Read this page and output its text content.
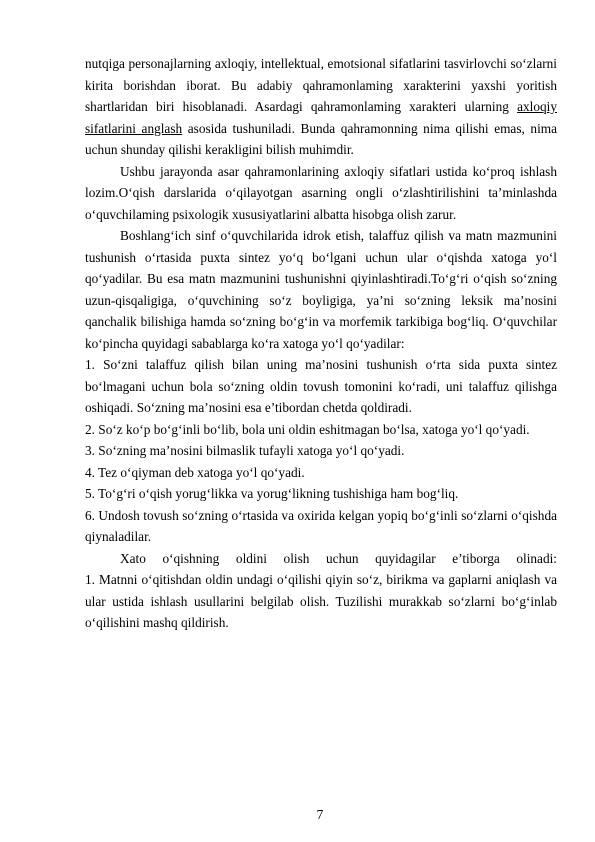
nutqiga personajlarning axloqiy, intellektual, emotsional sifatlarini tasvirlovchi so‘zlarni kirita borishdan iborat. Bu adabiy qahramonlaming xarakterini yaxshi yoritish shartlaridan biri hisoblanadi. Asardagi qahramonlaming xarakteri ularning axloqiy sifatlarini anglash asosida tushuniladi. Bunda qahramonning nima qilishi emas, nima uchun shunday qilishi kerakligini bilish muhimdir.

Ushbu jarayonda asar qahramonlarining axloqiy sifatlari ustida ko‘proq ishlash lozim.O‘qish darslarida o‘qilayotgan asarning ongli o‘zlashtirilishini ta’minlashda o‘quvchilaming psixologik xususiyatlarini albatta hisobga olish zarur.

Boshlang‘ich sinf o‘quvchilarida idrok etish, talaffuz qilish va matn mazmunini tushunish o‘rtasida puxta sintez yo‘q bo‘lgani uchun ular o‘qishda xatoga yo‘l qo‘yadilar. Bu esa matn mazmunini tushunishni qiyinlashtiradi.To‘g‘ri o‘qish so‘zning uzun-qisqaligiga, o‘quvchining so‘z boyligiga, ya’ni so‘zning leksik ma’nosini qanchalik bilishiga hamda so‘zning bo‘g‘in va morfemik tarkibiga bog‘liq. O‘quvchilar ko‘pincha quyidagi sabablarga ko‘ra xatoga yo‘l qo‘yadilar:

1. So‘zni talaffuz qilish bilan uning ma’nosini tushunish o‘rta sida puxta sintez bo‘lmagani uchun bola so‘zning oldin tovush tomonini ko‘radi, uni talaffuz qilishga oshiqadi. So‘zning ma’nosini esa e’tibordan chetda qoldiradi.

2. So‘z ko‘p bo‘g‘inli bo‘lib, bola uni oldin eshitmagan bo‘lsa, xatoga yo‘l qo‘yadi.

3. So‘zning ma’nosini bilmaslik tufayli xatoga yo‘l qo‘yadi.

4. Tez o‘qiyman deb xatoga yo‘l qo‘yadi.

5. To‘g‘ri o‘qish yorug‘likka va yorug‘likning tushishiga ham bog‘liq.

6. Undosh tovush so‘zning o‘rtasida va oxirida kelgan yopiq bo‘g‘inli so‘zlarni o‘qishda qiynaladilar.

Xato o‘qishning oldini olish uchun quyidagilar e’tiborga olinadi:

1. Matnni o‘qitishdan oldin undagi o‘qilishi qiyin so‘z, birikma va gaplarni aniqlash va ular ustida ishlash usullarini belgilab olish. Tuzilishi murakkab so‘zlarni bo‘g‘inlab o‘qilishini mashq qildirish.

7
